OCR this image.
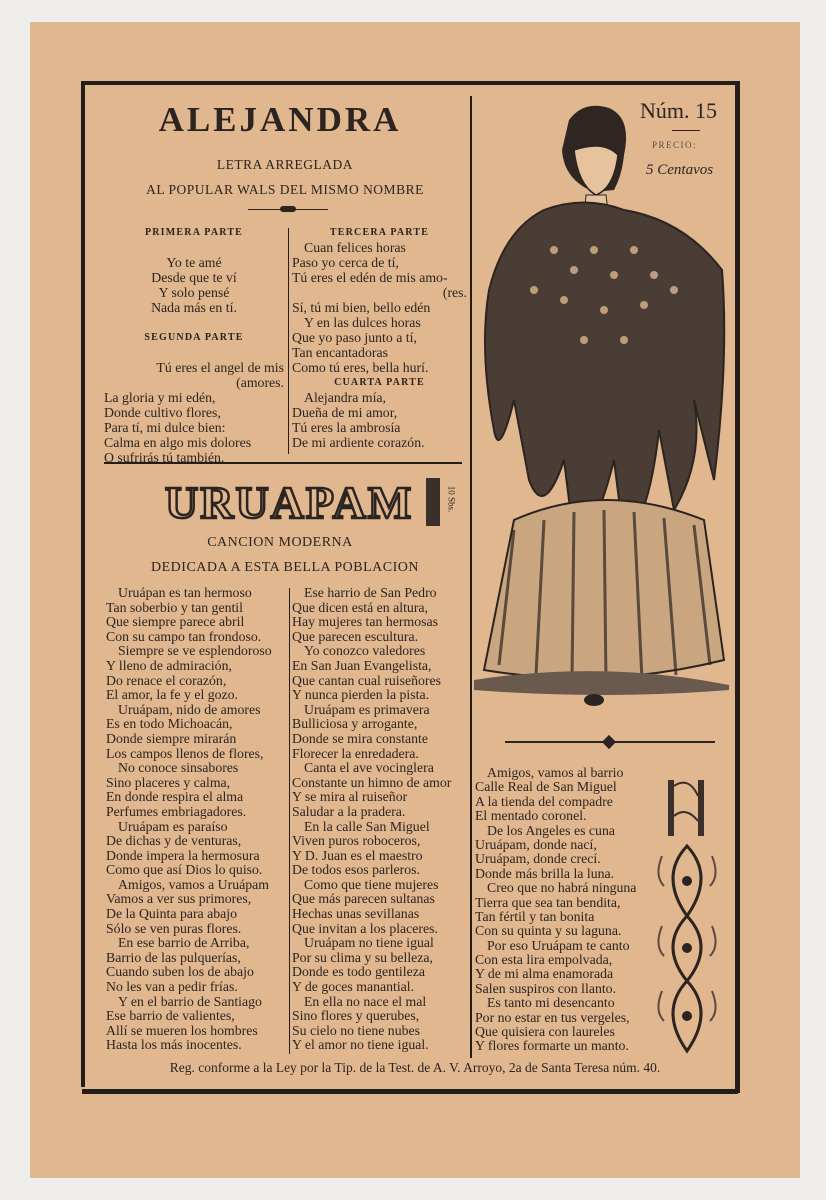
ALEJANDRA
LETRA ARREGLADA
AL POPULAR WALS DEL MISMO NOMBRE
Núm. 15
PRECIO:
5 Centavos
PRIMERA PARTE
Yo te amé
Desde que te ví
Y solo pensé
Nada más en tí.
SEGUNDA PARTE
Tú eres el angel de mis
(amores.
La gloria y mi edén,
Donde cultivo flores,
Para tí, mi dulce bien:
Calma en algo mis dolores
O sufrirás tú también.
TERCERA PARTE
Cuan felices horas
Paso yo cerca de tí,
Tú eres el edén de mis amo-
(res.
Sí, tú mi bien, bello edén
Y en las dulces horas
Que yo paso junto a tí,
Tan encantadoras
Como tú eres, bella hurí.
CUARTA PARTE
Alejandra mía,
Dueña de mi amor,
Tú eres la ambrosía
De mi ardiente corazón.
URUAPAM	10 Sbs.
CANCION MODERNA
DEDICADA A ESTA BELLA POBLACION
Uruápan es tan hermoso
Tan soberbio y tan gentil
Que siempre parece abril
Con su campo tan frondoso.
Siempre se ve esplendoroso
Y lleno de admiración,
Do renace el corazón,
El amor, la fe y el gozo.
Uruápam, nido de amores
Es en todo Michoacán,
Donde siempre mirarán
Los campos llenos de flores,
No conoce sinsabores
Sino placeres y calma,
En donde respira el alma
Perfumes embriagadores.
Uruápam es paraíso
De dichas y de venturas,
Donde impera la hermosura
Como que así Dios lo quiso.
Amigos, vamos a Uruápam
Vamos a ver sus primores,
De la Quinta para abajo
Sólo se ven puras flores.
En ese barrio de Arriba,
Barrio de las pulquerías,
Cuando suben los de abajo
No les van a pedir frías.
Y en el barrio de Santiago
Ese barrio de valientes,
Allí se mueren los hombres
Hasta los más inocentes.
Ese harrio de San Pedro
Que dicen está en altura,
Hay mujeres tan hermosas
Que parecen escultura.
Yo conozco valedores
En San Juan Evangelista,
Que cantan cual ruiseñores
Y nunca pierden la pista.
Uruápam es primavera
Bulliciosa y arrogante,
Donde se mira constante
Florecer la enredadera.
Canta el ave vocinglera
Constante un himno de amor
Y se mira al ruiseñor
Saludar a la pradera.
En la calle San Miguel
Viven puros roboceros,
Y D. Juan es el maestro
De todos esos parleros.
Como que tiene mujeres
Que más parecen sultanas
Hechas unas sevillanas
Que invitan a los placeres.
Uruápam no tiene igual
Por su clima y su belleza,
Donde es todo gentileza
Y de goces manantial.
En ella no nace el mal
Sino flores y querubes,
Su cielo no tiene nubes
Y el amor no tiene igual.
Amigos, vamos al barrio
Calle Real de San Miguel
A la tienda del compadre
El mentado coronel.
De los Angeles es cuna
Uruápam, donde nací,
Uruápam, donde crecí.
Donde más brilla la luna.
Creo que no habrá ninguna
Tierra que sea tan bendita,
Tan fértil y tan bonita
Con su quinta y su laguna.
Por eso Uruápam te canto
Con esta lira empolvada,
Y de mi alma enamorada
Salen suspiros con llanto.
Es tanto mi desencanto
Por no estar en tus vergeles,
Que quisiera con laureles
Y flores formarte un manto.
Reg. conforme a la Ley por la Tip. de la Test. de A. V. Arroyo, 2a de Santa Teresa núm. 40.
